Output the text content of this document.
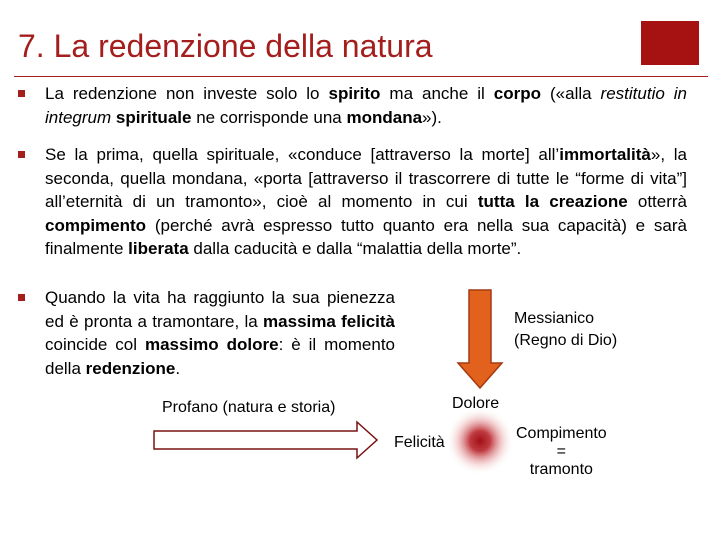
7. La redenzione della natura
La redenzione non investe solo lo spirito ma anche il corpo («alla restitutio in integrum spirituale ne corrisponde una mondana»).
Se la prima, quella spirituale, «conduce [attraverso la morte] all’immortalità», la seconda, quella mondana, «porta [attraverso il trascorrere di tutte le “forme di vita”] all’eternità di un tramonto», cioè al momento in cui tutta la creazione otterrà compimento (perché avrà espresso tutto quanto era nella sua capacità) e sarà finalmente liberata dalla caducità e dalla “malattia della morte”.
Quando la vita ha raggiunto la sua pienezza ed è pronta a tramontare, la massima felicità coincide col massimo dolore: è il momento della redenzione.
Messianico
(Regno di Dio)
Profano (natura e storia)	Dolore
Felicità
Compimento
=
tramonto
